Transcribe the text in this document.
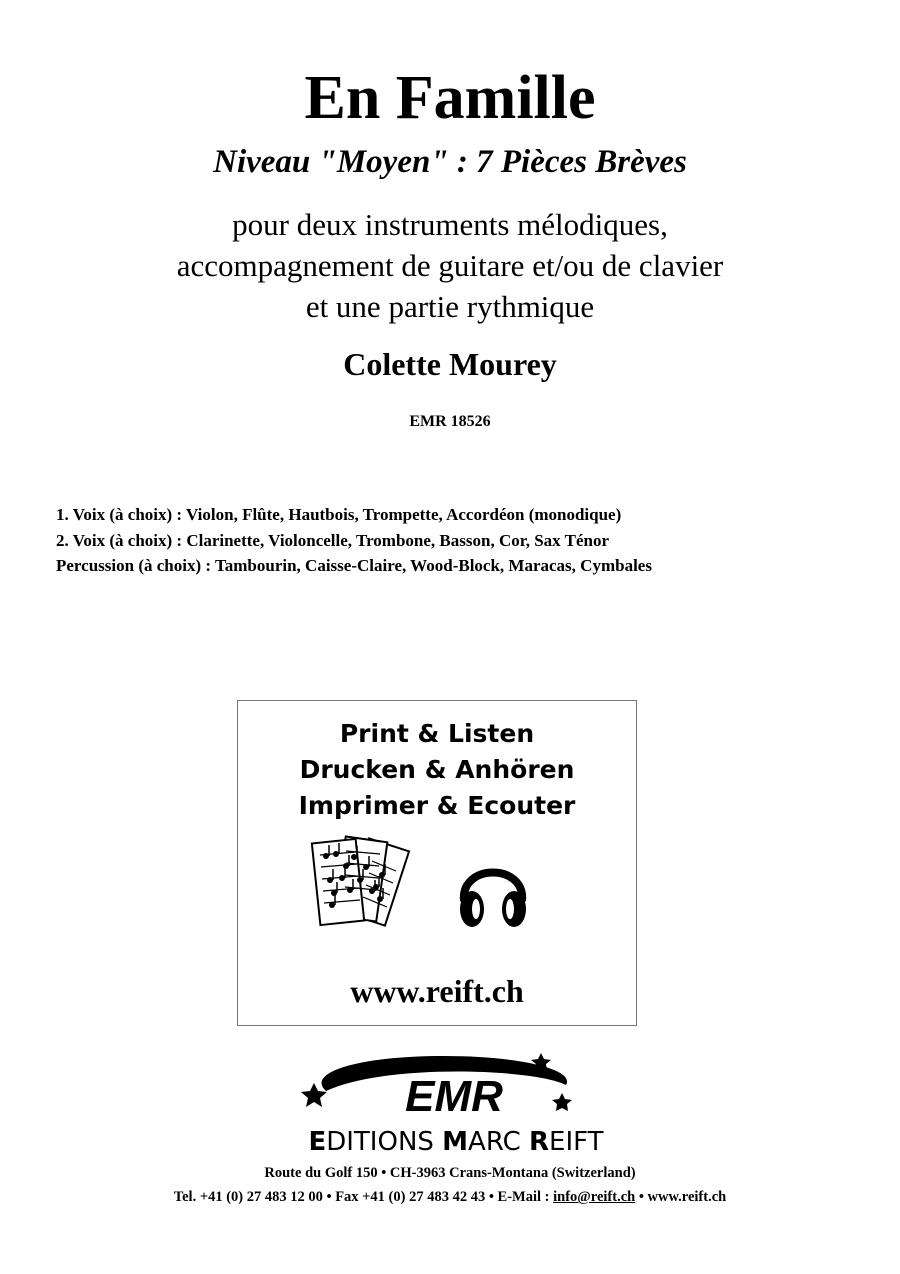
En Famille
Niveau "Moyen" : 7 Pièces Brèves
pour deux instruments mélodiques,
accompagnement de guitare et/ou de clavier
et une partie rythmique
Colette Mourey
EMR 18526
1. Voix (à choix) : Violon, Flûte, Hautbois, Trompette, Accordéon (monodique)
2. Voix (à choix) : Clarinette, Violoncelle, Trombone, Basson, Cor, Sax Ténor
Percussion (à choix) : Tambourin, Caisse-Claire, Wood-Block, Maracas, Cymbales
Print & Listen
Drucken & Anhören
Imprimer & Ecouter
www.reift.ch
EMR
EDITIONS MARC REIFT
Route du Golf 150 • CH-3963 Crans-Montana (Switzerland)
Tel. +41 (0) 27 483 12 00 • Fax +41 (0) 27 483 42 43 • E-Mail : info@reift.ch • www.reift.ch
